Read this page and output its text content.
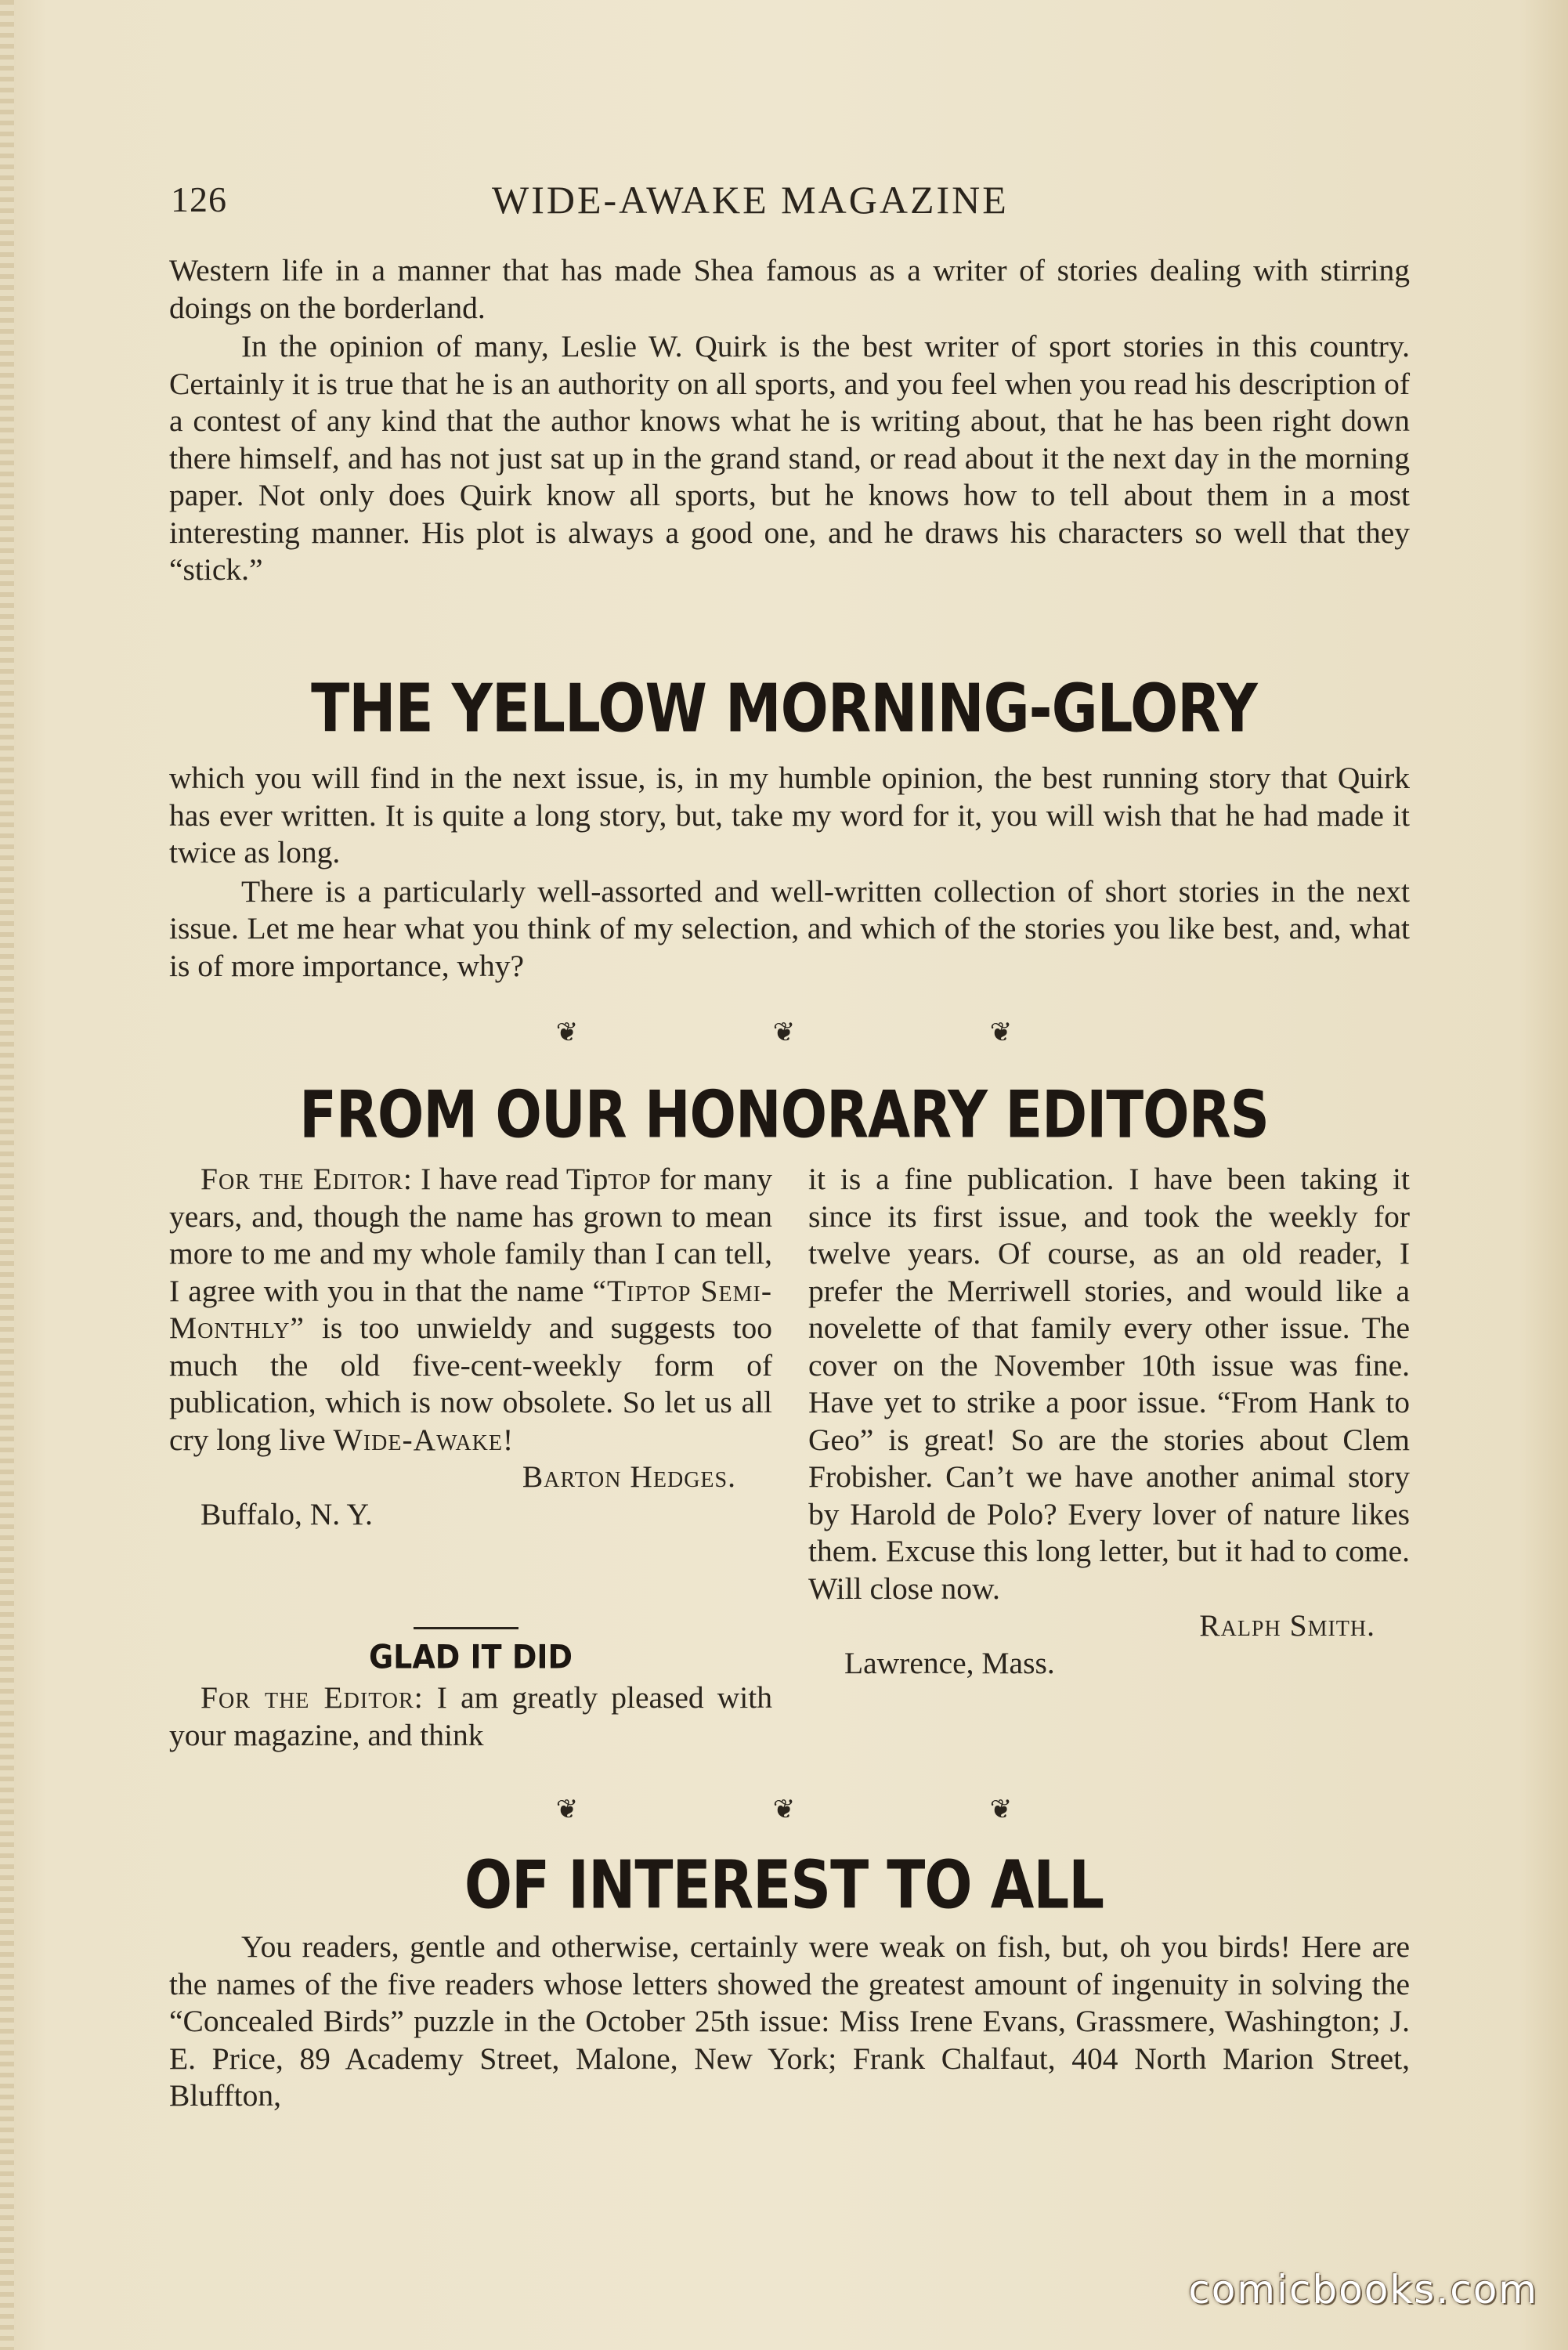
126	WIDE-AWAKE MAGAZINE

Western life in a manner that has made Shea famous as a writer of stories dealing with stirring doings on the borderland.

In the opinion of many, Leslie W. Quirk is the best writer of sport stories in this country. Certainly it is true that he is an authority on all sports, and you feel when you read his description of a contest of any kind that the author knows what he is writing about, that he has been right down there himself, and has not just sat up in the grand stand, or read about it the next day in the morning paper. Not only does Quirk know all sports, but he knows how to tell about them in a most interesting manner. His plot is always a good one, and he draws his characters so well that they “stick.”

THE YELLOW MORNING-GLORY

which you will find in the next issue, is, in my humble opinion, the best running story that Quirk has ever written. It is quite a long story, but, take my word for it, you will wish that he had made it twice as long.

There is a particularly well-assorted and well-written collection of short stories in the next issue. Let me hear what you think of my selection, and which of the stories you like best, and, what is of more importance, why?

❦ ❦ ❦
FROM OUR HONORARY EDITORS

For the Editor: I have read Tiptop for many years, and, though the name has grown to mean more to me and my whole family than I can tell, I agree with you in that the name “Tiptop Semi-Monthly” is too unwieldy and suggests too much the old five-cent-weekly form of publication, which is now obsolete. So let us all cry long live Wide-Awake!

Barton Hedges.

Buffalo, N. Y.

GLAD IT DID

For the Editor: I am greatly pleased with your magazine, and think

it is a fine publication. I have been taking it since its first issue, and took the weekly for twelve years. Of course, as an old reader, I prefer the Merriwell stories, and would like a novelette of that family every other issue. The cover on the November 10th issue was fine. Have yet to strike a poor issue. “From Hank to Geo” is great! So are the stories about Clem Frobisher. Can’t we have another animal story by Harold de Polo? Every lover of nature likes them. Excuse this long letter, but it had to come. Will close now.

Ralph Smith.

Lawrence, Mass.

❦ ❦ ❦
OF INTEREST TO ALL

You readers, gentle and otherwise, certainly were weak on fish, but, oh you birds! Here are the names of the five readers whose letters showed the greatest amount of ingenuity in solving the “Concealed Birds” puzzle in the October 25th issue: Miss Irene Evans, Grassmere, Washington; J. E. Price, 89 Academy Street, Malone, New York; Frank Chalfaut, 404 North Marion Street, Bluffton,

comicbooks.com
